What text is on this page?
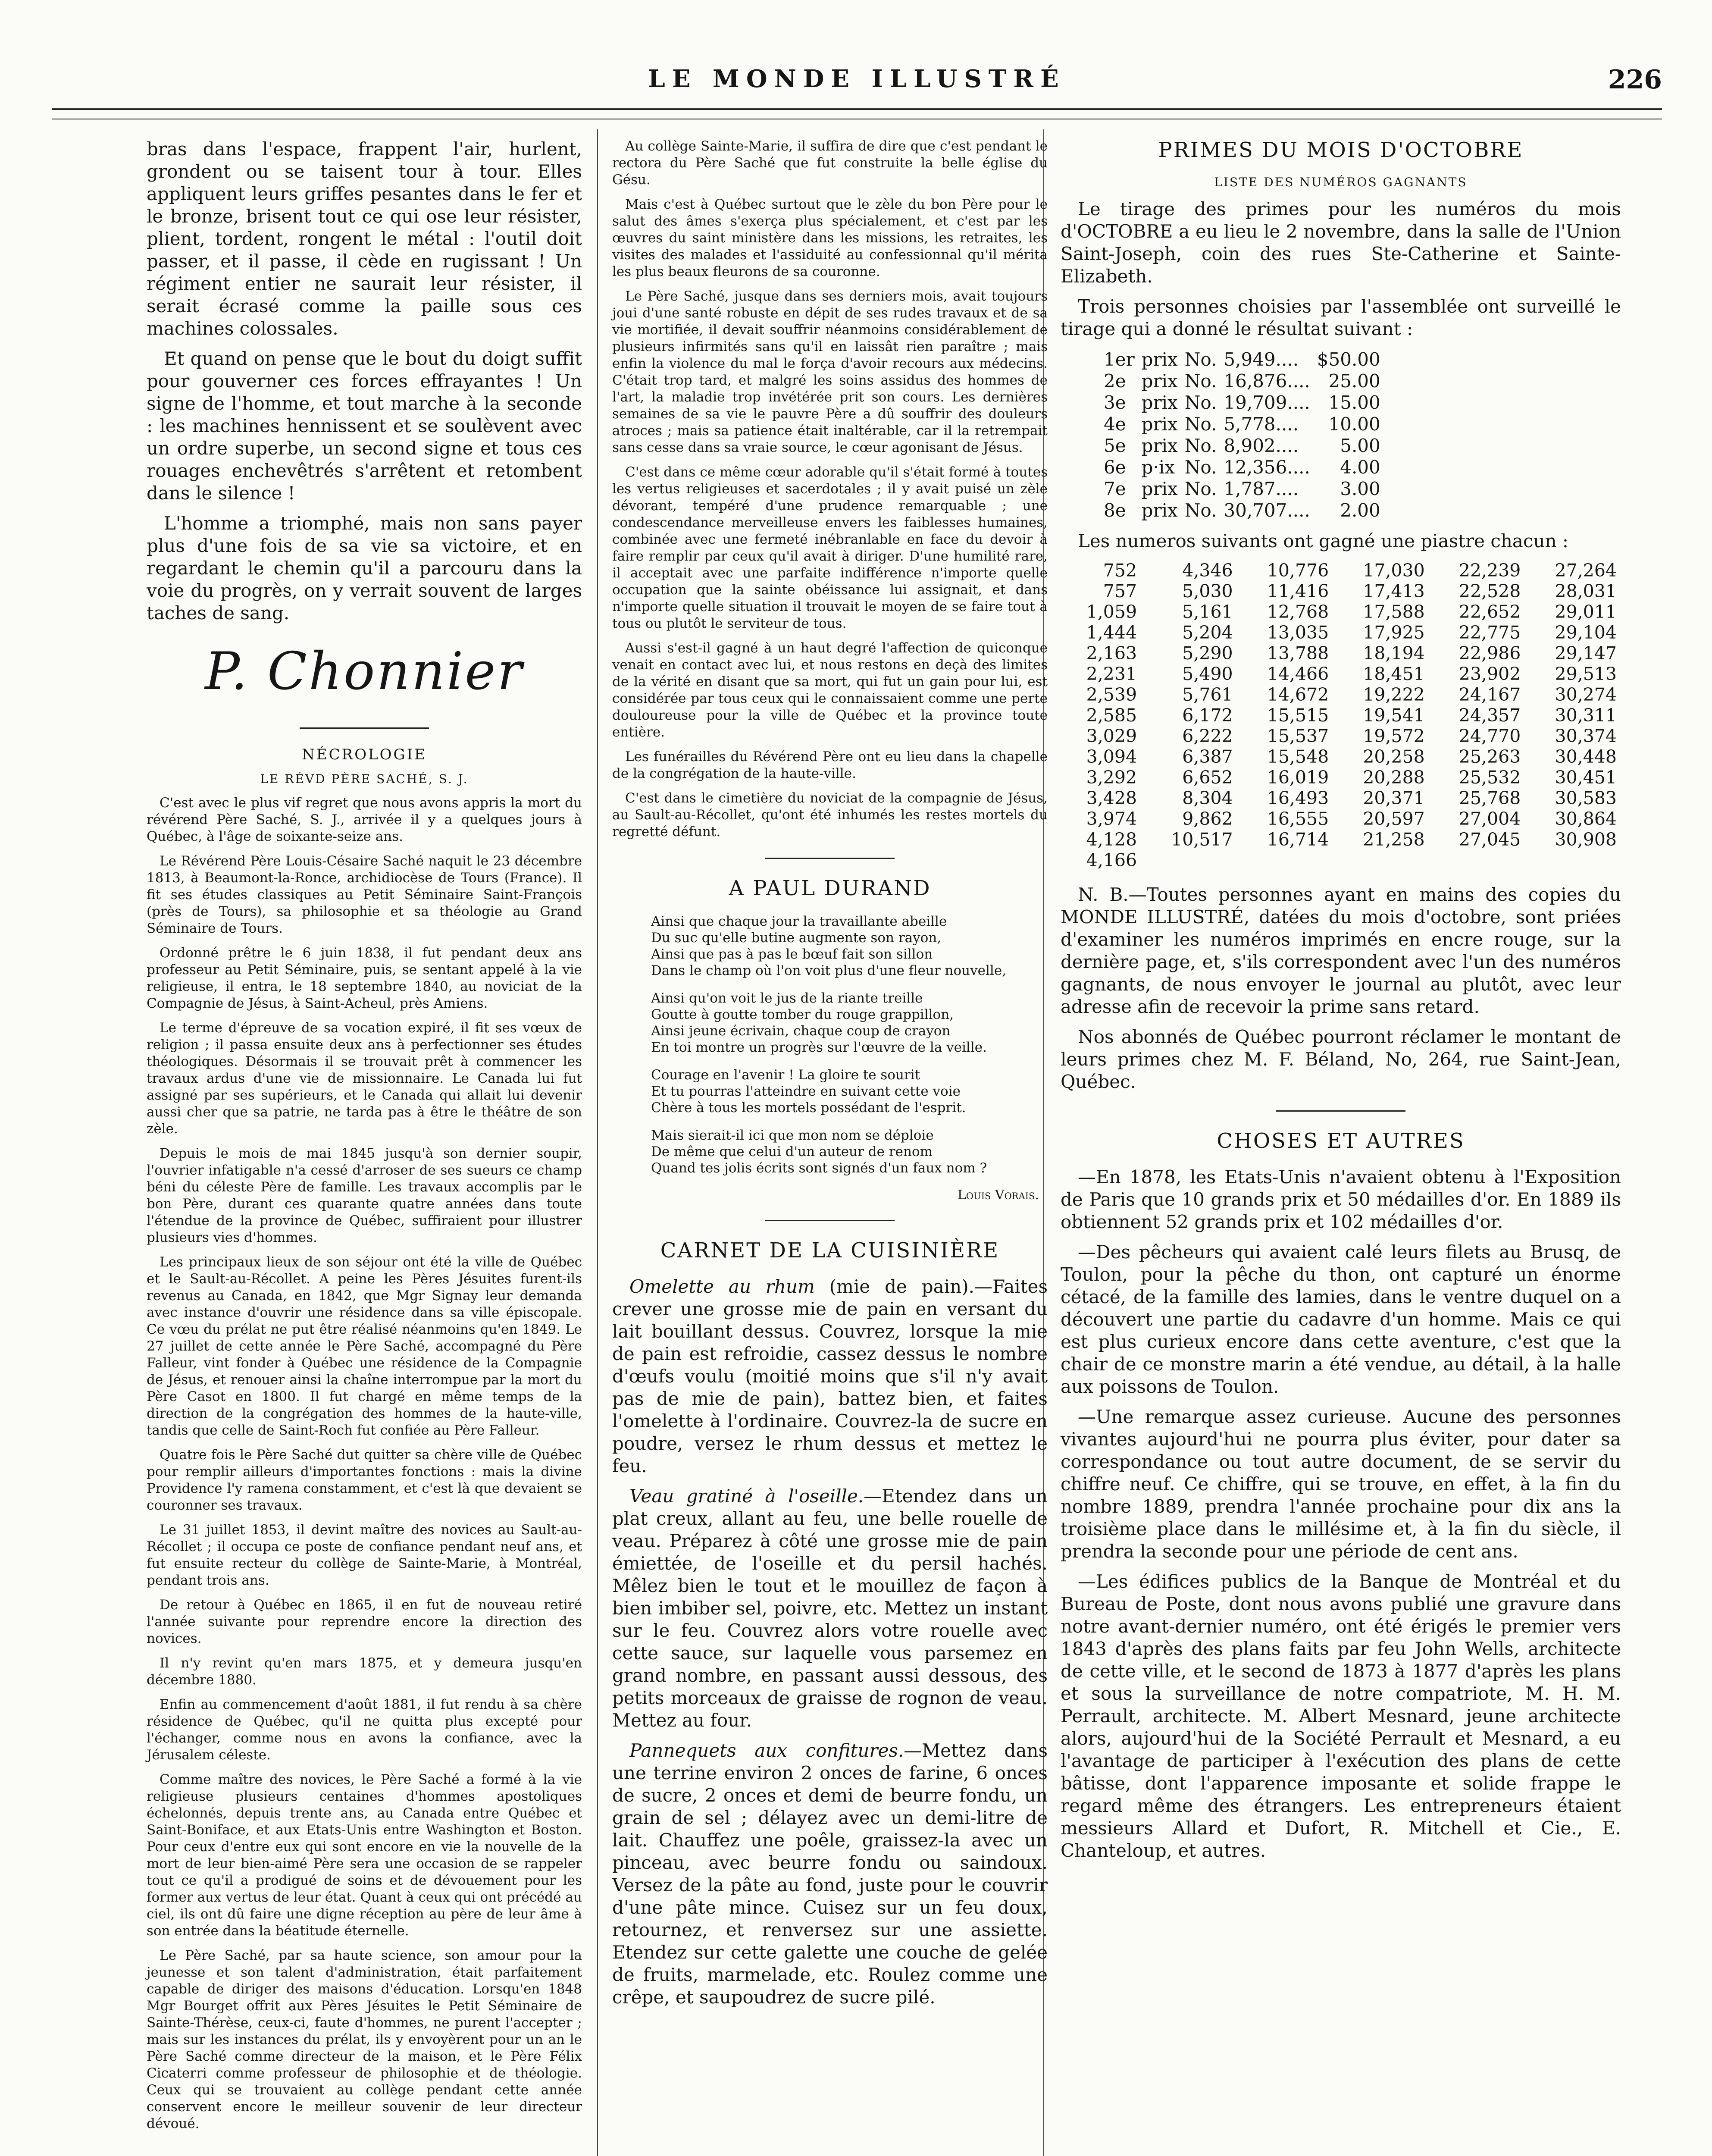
LE MONDE ILLUSTRÉ	226

bras dans l'espace, frappent l'air, hurlent, grondent ou se taisent tour à tour. Elles appliquent leurs griffes pesantes dans le fer et le bronze, brisent tout ce qui ose leur résister, plient, tordent, rongent le métal : l'outil doit passer, et il passe, il cède en rugissant ! Un régiment entier ne saurait leur résister, il serait écrasé comme la paille sous ces machines colossales.

Et quand on pense que le bout du doigt suffit pour gouverner ces forces effrayantes ! Un signe de l'homme, et tout marche à la seconde : les machines hennissent et se soulèvent avec un ordre superbe, un second signe et tous ces rouages enchevêtrés s'arrêtent et retombent dans le silence !

L'homme a triomphé, mais non sans payer plus d'une fois de sa vie sa victoire, et en regardant le chemin qu'il a parcouru dans la voie du progrès, on y verrait souvent de larges taches de sang.

P. Chonnier
NÉCROLOGIE
LE RÉVD PÈRE SACHÉ, S. J.

C'est avec le plus vif regret que nous avons appris la mort du révérend Père Saché, S. J., arrivée il y a quelques jours à Québec, à l'âge de soixante-seize ans.

Le Révérend Père Louis-Césaire Saché naquit le 23 décembre 1813, à Beaumont-la-Ronce, archidiocèse de Tours (France). Il fit ses études classiques au Petit Séminaire Saint-François (près de Tours), sa philosophie et sa théologie au Grand Séminaire de Tours.

Ordonné prêtre le 6 juin 1838, il fut pendant deux ans professeur au Petit Séminaire, puis, se sentant appelé à la vie religieuse, il entra, le 18 septembre 1840, au noviciat de la Compagnie de Jésus, à Saint-Acheul, près Amiens.

Le terme d'épreuve de sa vocation expiré, il fit ses vœux de religion ; il passa ensuite deux ans à perfectionner ses études théologiques. Désormais il se trouvait prêt à commencer les travaux ardus d'une vie de missionnaire. Le Canada lui fut assigné par ses supérieurs, et le Canada qui allait lui devenir aussi cher que sa patrie, ne tarda pas à être le théâtre de son zèle.

Depuis le mois de mai 1845 jusqu'à son dernier soupir, l'ouvrier infatigable n'a cessé d'arroser de ses sueurs ce champ béni du céleste Père de famille. Les travaux accomplis par le bon Père, durant ces quarante quatre années dans toute l'étendue de la province de Québec, suffiraient pour illustrer plusieurs vies d'hommes.

Les principaux lieux de son séjour ont été la ville de Québec et le Sault-au-Récollet. A peine les Pères Jésuites furent-ils revenus au Canada, en 1842, que Mgr Signay leur demanda avec instance d'ouvrir une résidence dans sa ville épiscopale. Ce vœu du prélat ne put être réalisé néanmoins qu'en 1849. Le 27 juillet de cette année le Père Saché, accompagné du Père Falleur, vint fonder à Québec une résidence de la Compagnie de Jésus, et renouer ainsi la chaîne interrompue par la mort du Père Casot en 1800. Il fut chargé en même temps de la direction de la congrégation des hommes de la haute-ville, tandis que celle de Saint-Roch fut confiée au Père Falleur.

Quatre fois le Père Saché dut quitter sa chère ville de Québec pour remplir ailleurs d'importantes fonctions : mais la divine Providence l'y ramena constamment, et c'est là que devaient se couronner ses travaux.

Le 31 juillet 1853, il devint maître des novices au Sault-au-Récollet ; il occupa ce poste de confiance pendant neuf ans, et fut ensuite recteur du collège de Sainte-Marie, à Montréal, pendant trois ans.

De retour à Québec en 1865, il en fut de nouveau retiré l'année suivante pour reprendre encore la direction des novices.

Il n'y revint qu'en mars 1875, et y demeura jusqu'en décembre 1880.

Enfin au commencement d'août 1881, il fut rendu à sa chère résidence de Québec, qu'il ne quitta plus excepté pour l'échanger, comme nous en avons la confiance, avec la Jérusalem céleste.

Comme maître des novices, le Père Saché a formé à la vie religieuse plusieurs centaines d'hommes apostoliques échelonnés, depuis trente ans, au Canada entre Québec et Saint-Boniface, et aux Etats-Unis entre Washington et Boston. Pour ceux d'entre eux qui sont encore en vie la nouvelle de la mort de leur bien-aimé Père sera une occasion de se rappeler tout ce qu'il a prodigué de soins et de dévouement pour les former aux vertus de leur état. Quant à ceux qui ont précédé au ciel, ils ont dû faire une digne réception au père de leur âme à son entrée dans la béatitude éternelle.

Le Père Saché, par sa haute science, son amour pour la jeunesse et son talent d'administration, était parfaitement capable de diriger des maisons d'éducation. Lorsqu'en 1848 Mgr Bourget offrit aux Pères Jésuites le Petit Séminaire de Sainte-Thérèse, ceux-ci, faute d'hommes, ne purent l'accepter ; mais sur les instances du prélat, ils y envoyèrent pour un an le Père Saché comme directeur de la maison, et le Père Félix Cicaterri comme professeur de philosophie et de théologie. Ceux qui se trouvaient au collège pendant cette année conservent encore le meilleur souvenir de leur directeur dévoué.

Au collège Sainte-Marie, il suffira de dire que c'est pendant le rectora du Père Saché que fut construite la belle église du Gésu.

Mais c'est à Québec surtout que le zèle du bon Père pour le salut des âmes s'exerça plus spécialement, et c'est par les œuvres du saint ministère dans les missions, les retraites, les visites des malades et l'assiduité au confessionnal qu'il mérita les plus beaux fleurons de sa couronne.

Le Père Saché, jusque dans ses derniers mois, avait toujours joui d'une santé robuste en dépit de ses rudes travaux et de sa vie mortifiée, il devait souffrir néanmoins considérablement de plusieurs infirmités sans qu'il en laissât rien paraître ; mais enfin la violence du mal le força d'avoir recours aux médecins. C'était trop tard, et malgré les soins assidus des hommes de l'art, la maladie trop invétérée prit son cours. Les dernières semaines de sa vie le pauvre Père a dû souffrir des douleurs atroces ; mais sa patience était inaltérable, car il la retrempait sans cesse dans sa vraie source, le cœur agonisant de Jésus.

C'est dans ce même cœur adorable qu'il s'était formé à toutes les vertus religieuses et sacerdotales ; il y avait puisé un zèle dévorant, tempéré d'une prudence remarquable ; une condescendance merveilleuse envers les faiblesses humaines, combinée avec une fermeté inébranlable en face du devoir à faire remplir par ceux qu'il avait à diriger. D'une humilité rare, il acceptait avec une parfaite indifférence n'importe quelle occupation que la sainte obéissance lui assignait, et dans n'importe quelle situation il trouvait le moyen de se faire tout à tous ou plutôt le serviteur de tous.

Aussi s'est-il gagné à un haut degré l'affection de quiconque venait en contact avec lui, et nous restons en deçà des limites de la vérité en disant que sa mort, qui fut un gain pour lui, est considérée par tous ceux qui le connaissaient comme une perte douloureuse pour la ville de Québec et la province toute entière.

Les funérailles du Révérend Père ont eu lieu dans la chapelle de la congrégation de la haute-ville.

C'est dans le cimetière du noviciat de la compagnie de Jésus, au Sault-au-Récollet, qu'ont été inhumés les restes mortels du regretté défunt.

A PAUL DURAND
Ainsi que chaque jour la travaillante abeille
Du suc qu'elle butine augmente son rayon,
Ainsi que pas à pas le bœuf fait son sillon
Dans le champ où l'on voit plus d'une fleur nouvelle,
Ainsi qu'on voit le jus de la riante treille
Goutte à goutte tomber du rouge grappillon,
Ainsi jeune écrivain, chaque coup de crayon
En toi montre un progrès sur l'œuvre de la veille.
Courage en l'avenir ! La gloire te sourit
Et tu pourras l'atteindre en suivant cette voie
Chère à tous les mortels possédant de l'esprit.
Mais sierait-il ici que mon nom se déploie
De même que celui d'un auteur de renom
Quand tes jolis écrits sont signés d'un faux nom ?
Louis Vorais.
CARNET DE LA CUISINIÈRE

Omelette au rhum (mie de pain).—Faites crever une grosse mie de pain en versant du lait bouillant dessus. Couvrez, lorsque la mie de pain est refroidie, cassez dessus le nombre d'œufs voulu (moitié moins que s'il n'y avait pas de mie de pain), battez bien, et faites l'omelette à l'ordinaire. Couvrez-la de sucre en poudre, versez le rhum dessus et mettez le feu.

Veau gratiné à l'oseille.—Etendez dans un plat creux, allant au feu, une belle rouelle de veau. Préparez à côté une grosse mie de pain émiettée, de l'oseille et du persil hachés. Mêlez bien le tout et le mouillez de façon à bien imbiber sel, poivre, etc. Mettez un instant sur le feu. Couvrez alors votre rouelle avec cette sauce, sur laquelle vous parsemez en grand nombre, en passant aussi dessous, des petits morceaux de graisse de rognon de veau. Mettez au four.

Pannequets aux confitures.—Mettez dans une terrine environ 2 onces de farine, 6 onces de sucre, 2 onces et demi de beurre fondu, un grain de sel ; délayez avec un demi-litre de lait. Chauffez une poêle, graissez-la avec un pinceau, avec beurre fondu ou saindoux. Versez de la pâte au fond, juste pour le couvrir d'une pâte mince. Cuisez sur un feu doux, retournez, et renversez sur une assiette. Etendez sur cette galette une couche de gelée de fruits, marmelade, etc. Roulez comme une crêpe, et saupoudrez de sucre pilé.

PRIMES DU MOIS D'OCTOBRE
LISTE DES NUMÉROS GAGNANTS

Le tirage des primes pour les numéros du mois d'OCTOBRE a eu lieu le 2 novembre, dans la salle de l'Union Saint-Joseph, coin des rues Ste-Catherine et Sainte-Elizabeth.

Trois personnes choisies par l'assemblée ont surveillé le tirage qui a donné le résultat suivant :

1er	prix	No.	5,949....	$50.00
2e	prix	No.	16,876....	25.00
3e	prix	No.	19,709....	15.00
4e	prix	No.	5,778....	10.00
5e	prix	No.	8,902....	5.00
6e	p·ix	No.	12,356....	4.00
7e	prix	No.	1,787....	3.00
8e	prix	No.	30,707....	2.00

Les numeros suivants ont gagné une piastre chacun :

752	4,346	10,776	17,030	22,239	27,264
757	5,030	11,416	17,413	22,528	28,031
1,059	5,161	12,768	17,588	22,652	29,011
1,444	5,204	13,035	17,925	22,775	29,104
2,163	5,290	13,788	18,194	22,986	29,147
2,231	5,490	14,466	18,451	23,902	29,513
2,539	5,761	14,672	19,222	24,167	30,274
2,585	6,172	15,515	19,541	24,357	30,311
3,029	6,222	15,537	19,572	24,770	30,374
3,094	6,387	15,548	20,258	25,263	30,448
3,292	6,652	16,019	20,288	25,532	30,451
3,428	8,304	16,493	20,371	25,768	30,583
3,974	9,862	16,555	20,597	27,004	30,864
4,128	10,517	16,714	21,258	27,045	30,908
4,166					

N. B.—Toutes personnes ayant en mains des copies du MONDE ILLUSTRÉ, datées du mois d'octobre, sont priées d'examiner les numéros imprimés en encre rouge, sur la dernière page, et, s'ils correspondent avec l'un des numéros gagnants, de nous envoyer le journal au plutôt, avec leur adresse afin de recevoir la prime sans retard.

Nos abonnés de Québec pourront réclamer le montant de leurs primes chez M. F. Béland, No, 264, rue Saint-Jean, Québec.

CHOSES ET AUTRES

—En 1878, les Etats-Unis n'avaient obtenu à l'Exposition de Paris que 10 grands prix et 50 médailles d'or. En 1889 ils obtiennent 52 grands prix et 102 médailles d'or.

—Des pêcheurs qui avaient calé leurs filets au Brusq, de Toulon, pour la pêche du thon, ont capturé un énorme cétacé, de la famille des lamies, dans le ventre duquel on a découvert une partie du cadavre d'un homme. Mais ce qui est plus curieux encore dans cette aventure, c'est que la chair de ce monstre marin a été vendue, au détail, à la halle aux poissons de Toulon.

—Une remarque assez curieuse. Aucune des personnes vivantes aujourd'hui ne pourra plus éviter, pour dater sa correspondance ou tout autre document, de se servir du chiffre neuf. Ce chiffre, qui se trouve, en effet, à la fin du nombre 1889, prendra l'année prochaine pour dix ans la troisième place dans le millésime et, à la fin du siècle, il prendra la seconde pour une période de cent ans.

—Les édifices publics de la Banque de Montréal et du Bureau de Poste, dont nous avons publié une gravure dans notre avant-dernier numéro, ont été érigés le premier vers 1843 d'après des plans faits par feu John Wells, architecte de cette ville, et le second de 1873 à 1877 d'après les plans et sous la surveillance de notre compatriote, M. H. M. Perrault, architecte. M. Albert Mesnard, jeune architecte alors, aujourd'hui de la Société Perrault et Mesnard, a eu l'avantage de participer à l'exécution des plans de cette bâtisse, dont l'apparence imposante et solide frappe le regard même des étrangers. Les entrepreneurs étaient messieurs Allard et Dufort, R. Mitchell et Cie., E. Chanteloup, et autres.
